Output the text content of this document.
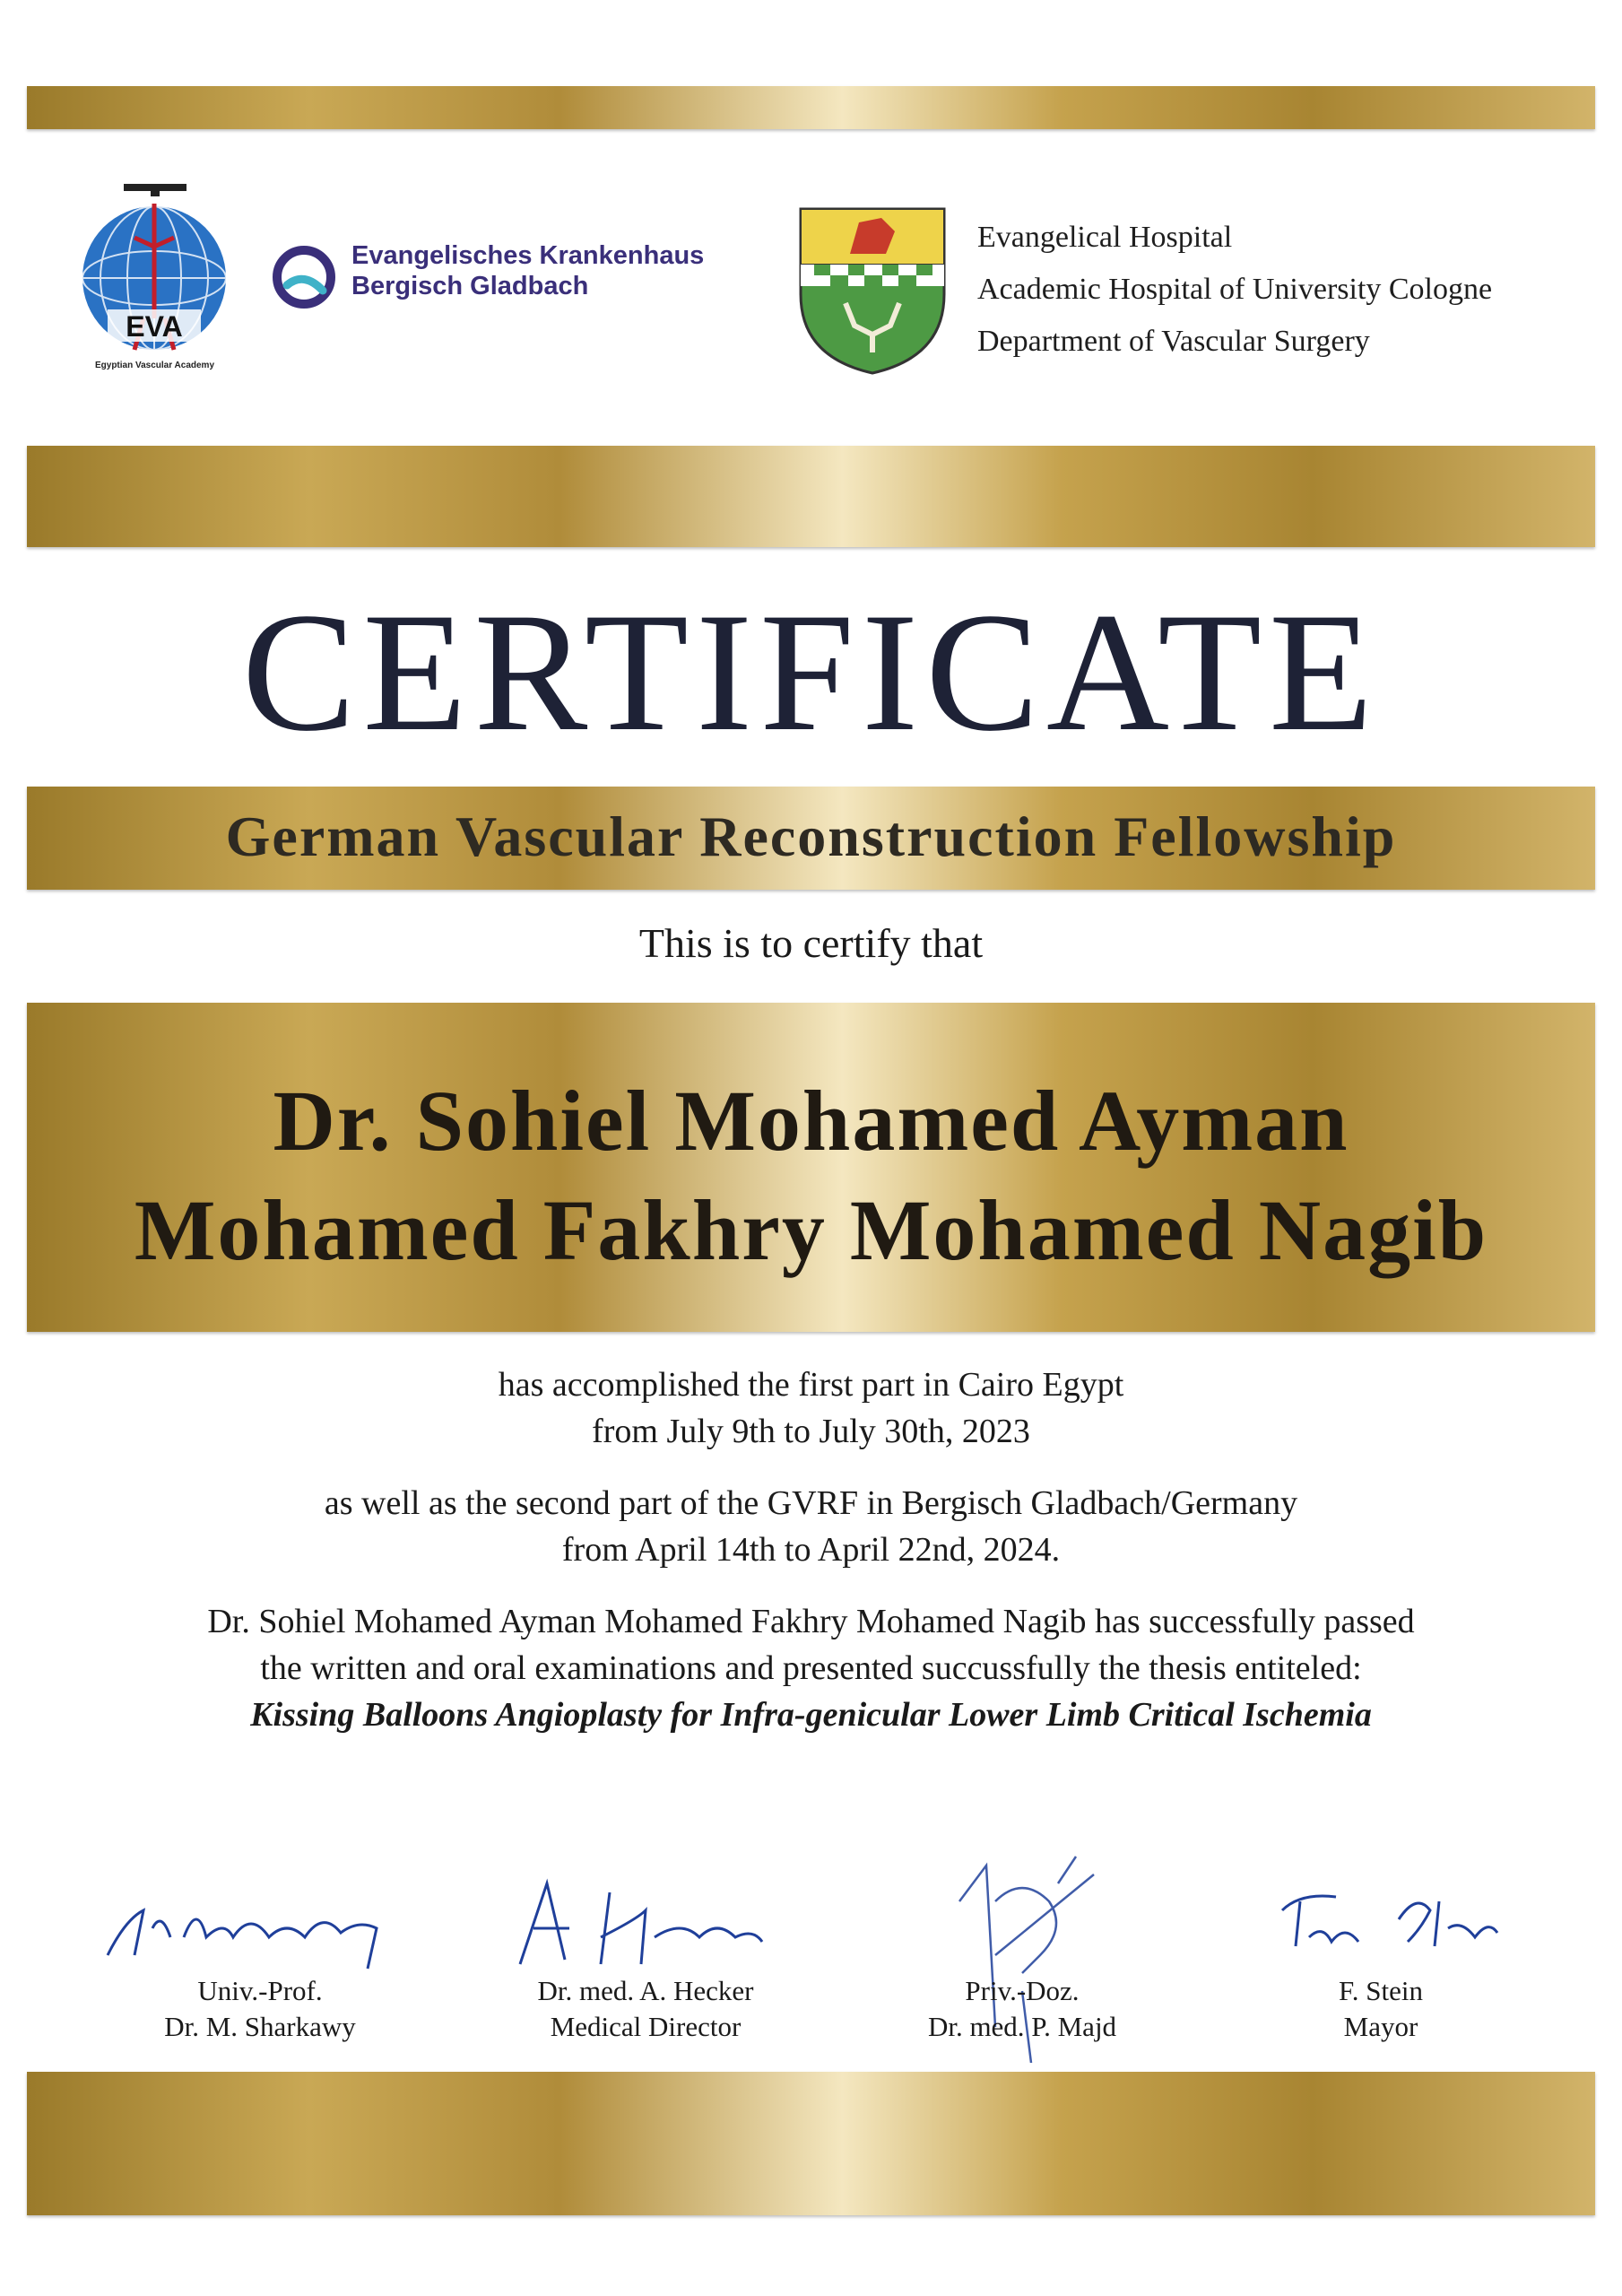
EVA
Egyptian Vascular Academy
Evangelisches Krankenhaus
Bergisch Gladbach
Evangelical Hospital
Academic Hospital of University Cologne
Department of Vascular Surgery
CERTIFICATE
German Vascular Reconstruction Fellowship
This is to certify that
Dr. Sohiel Mohamed Ayman
Mohamed Fakhry Mohamed Nagib
has accomplished the first part in Cairo Egypt
from July 9th to July 30th, 2023
as well as the second part of the GVRF in Bergisch Gladbach/Germany
from April 14th to April 22nd, 2024.
Dr. Sohiel Mohamed Ayman Mohamed Fakhry Mohamed Nagib has successfully passed
the written and oral examinations and presented succussfully the thesis entiteled:
Kissing Balloons Angioplasty for Infra-genicular Lower Limb Critical Ischemia
Univ.-Prof.
Dr. M. Sharkawy
Dr. med. A. Hecker
Medical Director
Priv.-Doz.
Dr. med. P. Majd
F. Stein
Mayor
